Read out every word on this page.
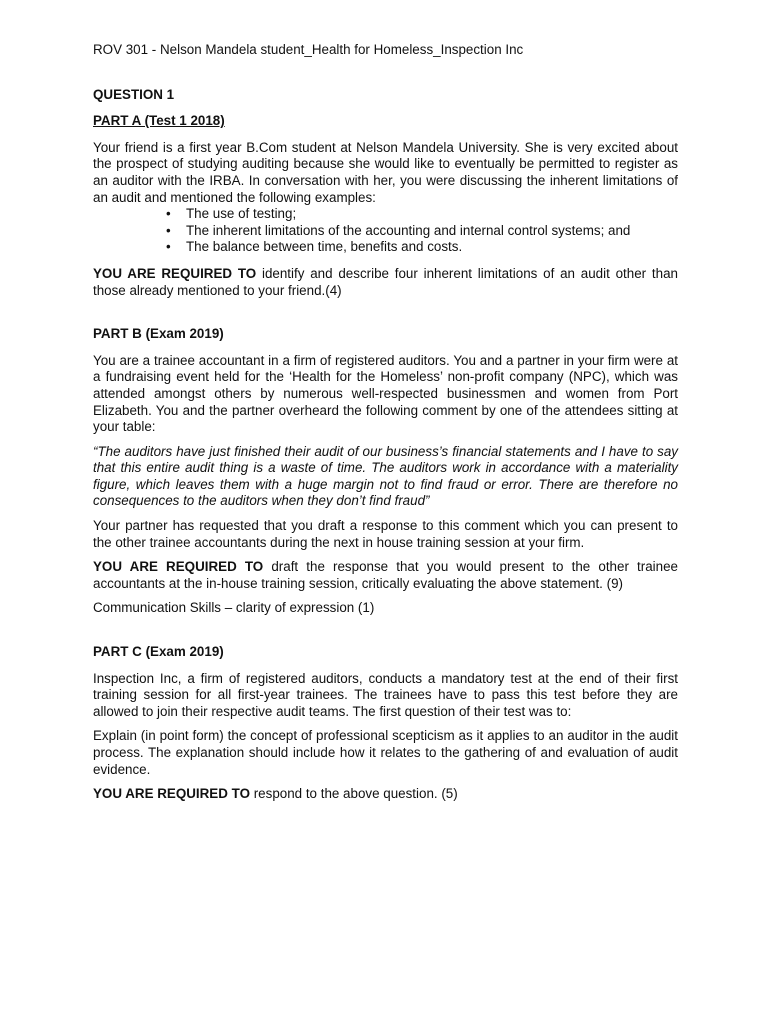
ROV 301 - Nelson Mandela student_Health for Homeless_Inspection Inc

QUESTION 1

PART A (Test 1 2018)

Your friend is a first year B.Com student at Nelson Mandela University. She is very excited about the prospect of studying auditing because she would like to eventually be permitted to register as an auditor with the IRBA. In conversation with her, you were discussing the inherent limitations of an audit and mentioned the following examples:

• The use of testing;
• The inherent limitations of the accounting and internal control systems; and
• The balance between time, benefits and costs.

YOU ARE REQUIRED TO identify and describe four inherent limitations of an audit other than those already mentioned to your friend.(4)

PART B (Exam 2019)

You are a trainee accountant in a firm of registered auditors. You and a partner in your firm were at a fundraising event held for the ‘Health for the Homeless’ non-profit company (NPC), which was attended amongst others by numerous well-respected businessmen and women from Port Elizabeth. You and the partner overheard the following comment by one of the attendees sitting at your table:

“The auditors have just finished their audit of our business’s financial statements and I have to say that this entire audit thing is a waste of time. The auditors work in accordance with a materiality figure, which leaves them with a huge margin not to find fraud or error. There are therefore no consequences to the auditors when they don’t find fraud”

Your partner has requested that you draft a response to this comment which you can present to the other trainee accountants during the next in house training session at your firm.

YOU ARE REQUIRED TO draft the response that you would present to the other trainee accountants at the in-house training session, critically evaluating the above statement. (9)

Communication Skills – clarity of expression (1)

PART C (Exam 2019)

Inspection Inc, a firm of registered auditors, conducts a mandatory test at the end of their first training session for all first-year trainees. The trainees have to pass this test before they are allowed to join their respective audit teams. The first question of their test was to:

Explain (in point form) the concept of professional scepticism as it applies to an auditor in the audit process. The explanation should include how it relates to the gathering of and evaluation of audit evidence.

YOU ARE REQUIRED TO respond to the above question. (5)
